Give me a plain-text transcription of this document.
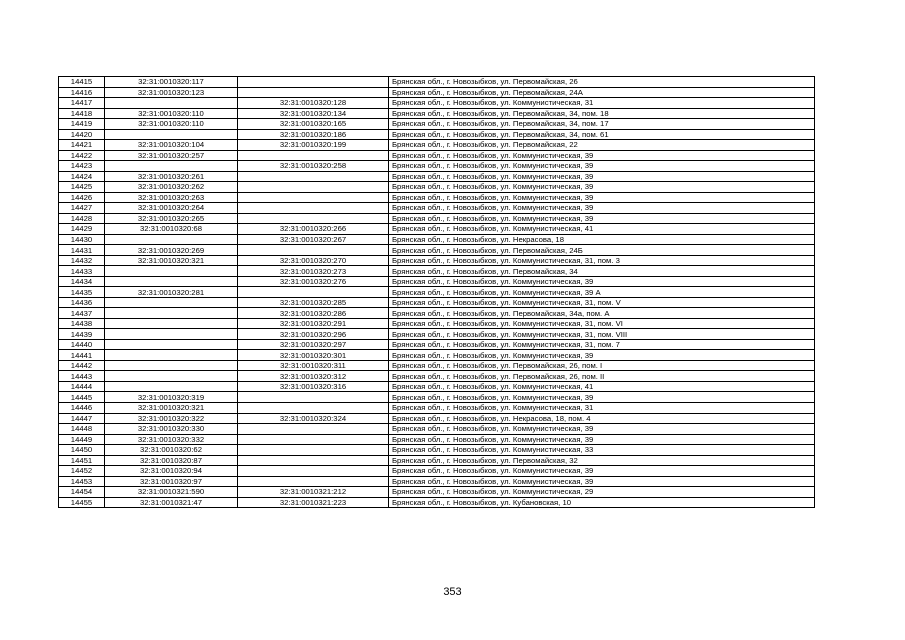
14415	32:31:0010320:117		Брянская обл., г. Новозыбков, ул. Первомайская, 26
14416	32:31:0010320:123		Брянская обл., г. Новозыбков, ул. Первомайская, 24А
14417		32:31:0010320:128	Брянская обл., г. Новозыбков, ул. Коммунистическая, 31
14418	32:31:0010320:110	32:31:0010320:134	Брянская обл., г. Новозыбков, ул. Первомайская, 34, пом. 18
14419	32:31:0010320:110	32:31:0010320:165	Брянская обл., г. Новозыбков, ул. Первомайская, 34, пом. 17
14420		32:31:0010320:186	Брянская обл., г. Новозыбков, ул. Первомайская, 34, пом. 61
14421	32:31:0010320:104	32:31:0010320:199	Брянская обл., г. Новозыбков, ул. Первомайская, 22
14422	32:31:0010320:257		Брянская обл., г. Новозыбков, ул. Коммунистическая, 39
14423		32:31:0010320:258	Брянская обл., г. Новозыбков, ул. Коммунистическая, 39
14424	32:31:0010320:261		Брянская обл., г. Новозыбков, ул. Коммунистическая, 39
14425	32:31:0010320:262		Брянская обл., г. Новозыбков, ул. Коммунистическая, 39
14426	32:31:0010320:263		Брянская обл., г. Новозыбков, ул. Коммунистическая, 39
14427	32:31:0010320:264		Брянская обл., г. Новозыбков, ул. Коммунистическая, 39
14428	32:31:0010320:265		Брянская обл., г. Новозыбков, ул. Коммунистическая, 39
14429	32:31:0010320:68	32:31:0010320:266	Брянская обл., г. Новозыбков, ул. Коммунистическая, 41
14430		32:31:0010320:267	Брянская обл., г. Новозыбков, ул. Некрасова, 18
14431	32:31:0010320:269		Брянская обл., г. Новозыбков, ул. Первомайская, 24Б
14432	32:31:0010320:321	32:31:0010320:270	Брянская обл., г. Новозыбков, ул. Коммунистическая, 31, пом. 3
14433		32:31:0010320:273	Брянская обл., г. Новозыбков, ул. Первомайская, 34
14434		32:31:0010320:276	Брянская обл., г. Новозыбков, ул. Коммунистическая, 39
14435	32:31:0010320:281		Брянская обл., г. Новозыбков, ул. Коммунистическая, 39 А
14436		32:31:0010320:285	Брянская обл., г. Новозыбков, ул. Коммунистическая, 31, пом. V
14437		32:31:0010320:286	Брянская обл., г. Новозыбков, ул. Первомайская, 34а, пом. А
14438		32:31:0010320:291	Брянская обл., г. Новозыбков, ул. Коммунистическая, 31, пом. VI
14439		32:31:0010320:296	Брянская обл., г. Новозыбков, ул. Коммунистическая, 31, пом. VIII
14440		32:31:0010320:297	Брянская обл., г. Новозыбков, ул. Коммунистическая, 31, пом. 7
14441		32:31:0010320:301	Брянская обл., г. Новозыбков, ул. Коммунистическая, 39
14442		32:31:0010320:311	Брянская обл., г. Новозыбков, ул. Первомайская, 26, пом. I
14443		32:31:0010320:312	Брянская обл., г. Новозыбков, ул. Первомайская, 26, пом. II
14444		32:31:0010320:316	Брянская обл., г. Новозыбков, ул. Коммунистическая, 41
14445	32:31:0010320:319		Брянская обл., г. Новозыбков, ул. Коммунистическая, 39
14446	32:31:0010320:321		Брянская обл., г. Новозыбков, ул. Коммунистическая, 31
14447	32:31:0010320:322	32:31:0010320:324	Брянская обл., г. Новозыбков, ул. Некрасова, 18, пом. 4
14448	32:31:0010320:330		Брянская обл., г. Новозыбков, ул. Коммунистическая, 39
14449	32:31:0010320:332		Брянская обл., г. Новозыбков, ул. Коммунистическая, 39
14450	32:31:0010320:62		Брянская обл., г. Новозыбков, ул. Коммунистическая, 33
14451	32:31:0010320:87		Брянская обл., г. Новозыбков, ул. Первомайская, 32
14452	32:31:0010320:94		Брянская обл., г. Новозыбков, ул. Коммунистическая, 39
14453	32:31:0010320:97		Брянская обл., г. Новозыбков, ул. Коммунистическая, 39
14454	32:31:0010321:590	32:31:0010321:212	Брянская обл., г. Новозыбков, ул. Коммунистическая, 29
14455	32:31:0010321:47	32:31:0010321:223	Брянская обл., г. Новозыбков, ул. Кубановская, 10
353
